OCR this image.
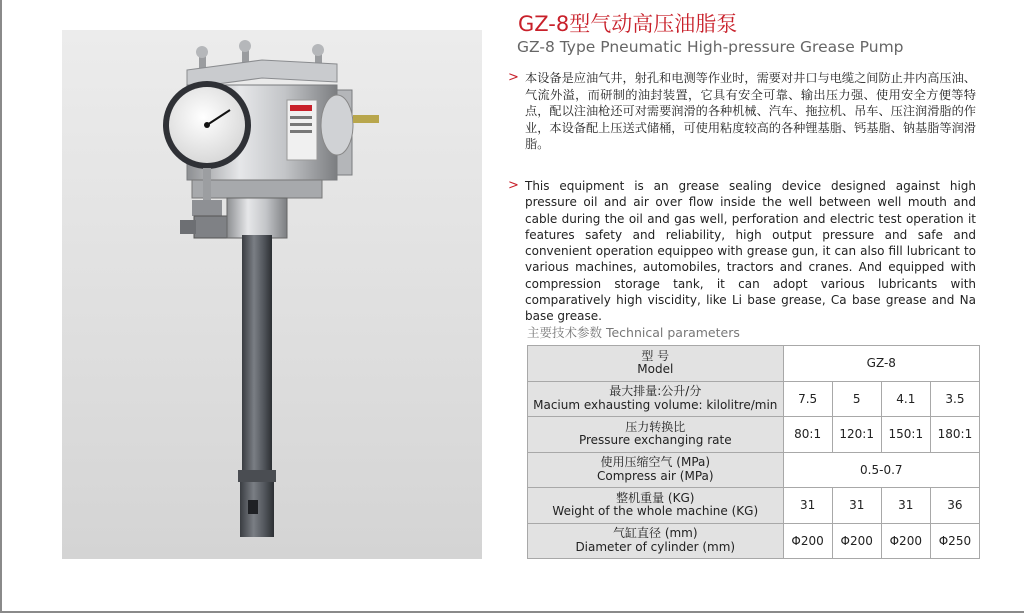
GZ-8型气动高压油脂泵
GZ-8 Type Pneumatic High-pressure Grease Pump
> 本设备是应油气井，射孔和电测等作业时，需要对井口与电缆之间防止井内高压油、气流外溢，而研制的油封装置，它具有安全可靠、输出压力强、使用安全方便等特点，配以注油枪还可对需要润滑的各种机械、汽车、拖拉机、吊车、压注润滑脂的作业，本设备配上压送式储桶，可使用粘度较高的各种锂基脂、钙基脂、钠基脂等润滑脂。
> This equipment is an grease sealing device designed against high pressure oil and air over flow inside the well between well mouth and cable during the oil and gas well, perforation and electric test operation it features safety and reliability, high output pressure and safe and convenient operation equippeo with grease gun, it can also fill lubricant to various machines, automobiles, tractors and cranes. And equipped with compression storage tank, it can adopt various lubricants with comparatively high viscidity, like Li base grease, Ca base grease and Na base grease.
主要技术参数 Technical parameters
型 号
Model	GZ-8			

最大排量:公升/分
Macium exhausting volume: kilolitre/min	7.5	5	4.1	3.5

压力转换比
Pressure exchanging rate	80:1	120:1	150:1	180:1

使用压缩空气 (MPa)
Compress air (MPa)	0.5-0.7			

整机重量 (KG)
Weight of the whole machine (KG)	31	31	31	36

气缸直径 (mm)
Diameter of cylinder (mm)	Φ200	Φ200	Φ200	Φ250
